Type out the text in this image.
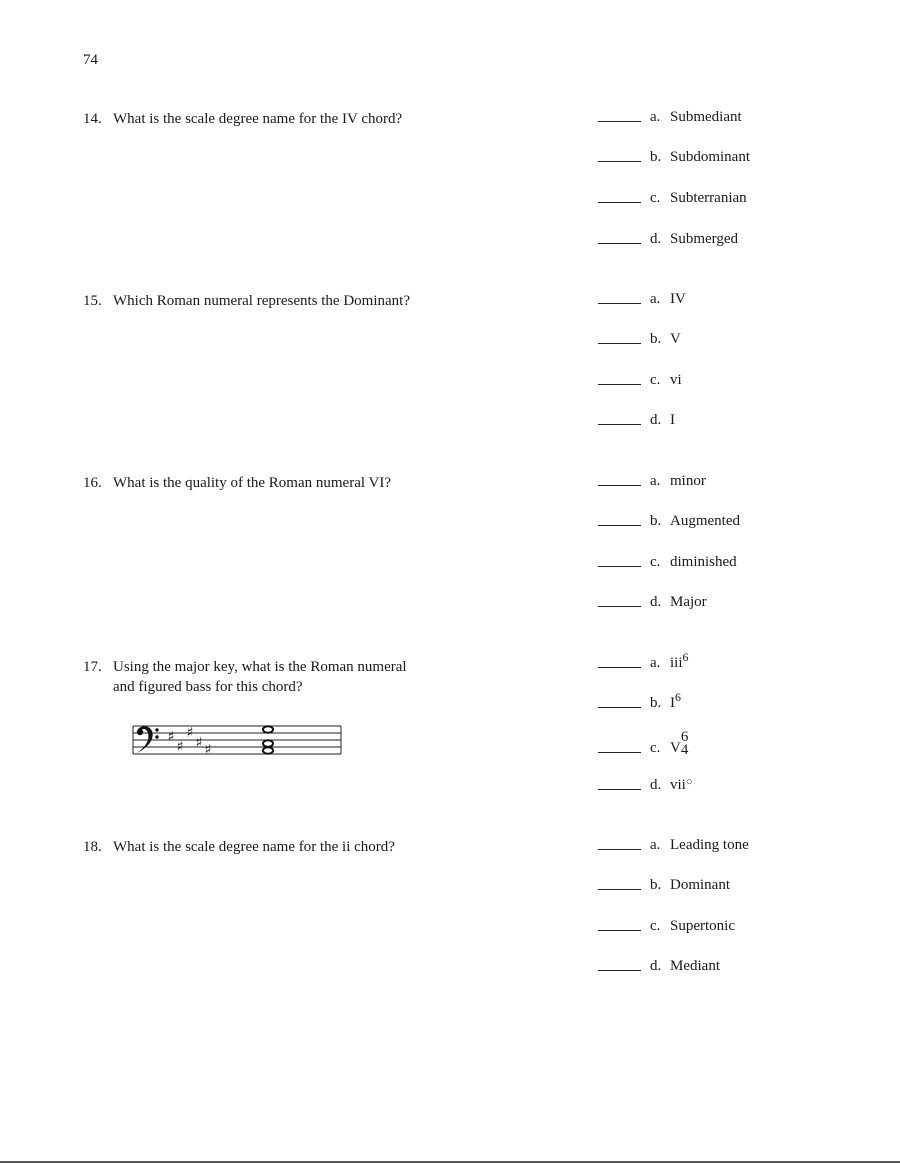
74
14. What is the scale degree name for the IV chord?	a. Submediant
b. Subdominant
c. Subterranian
d. Submerged
15. Which Roman numeral represents the Dominant?	a. IV
b. V
c. vi
d. I
16. What is the quality of the Roman numeral VI?	a. minor
b. Augmented
c. diminished
d. Major
17. Using the major key, what is the Roman numeral
and figured bass for this chord?
♯
♯
♯
♯ ♯
a. iii 6
b. I 6
c. V
6
4
d. vii ○
18. What is the scale degree name for the ii chord?	a. Leading tone
b. Dominant
c. Supertonic
d. Mediant
